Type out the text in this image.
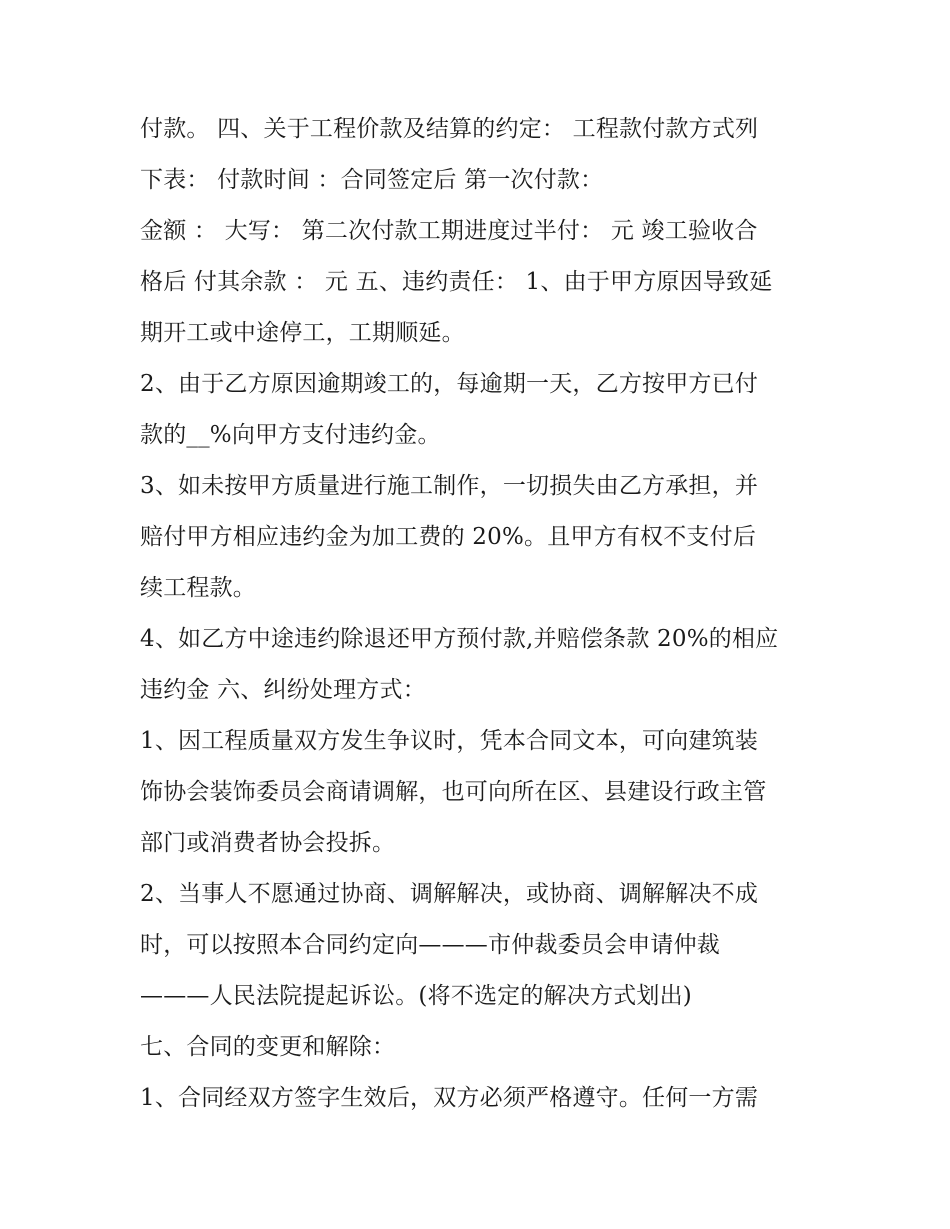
付款。 四、关于工程价款及结算的约定： 工程款付款方式列
下表： 付款时间 ：合同签定后 第一次付款：
金额 ： 大写： 第二次付款工期进度过半付： 元 竣工验收合
格后 付其余款 ： 元 五、违约责任： 1、由于甲方原因导致延
期开工或中途停工，工期顺延。
2、由于乙方原因逾期竣工的，每逾期一天，乙方按甲方已付
款的__%向甲方支付违约金。
3、如未按甲方质量进行施工制作，一切损失由乙方承担，并
赔付甲方相应违约金为加工费的 20%。且甲方有权不支付后
续工程款。
4、如乙方中途违约除退还甲方预付款,并赔偿条款 20%的相应
违约金 六、纠纷处理方式：
1、因工程质量双方发生争议时，凭本合同文本，可向建筑装
饰协会装饰委员会商请调解，也可向所在区、县建设行政主管
部门或消费者协会投拆。
2、当事人不愿通过协商、调解解决，或协商、调解解决不成
时，可以按照本合同约定向———市仲裁委员会申请仲裁
———人民法院提起诉讼。(将不选定的解决方式划出)
七、合同的变更和解除：
1、合同经双方签字生效后，双方必须严格遵守。任何一方需
